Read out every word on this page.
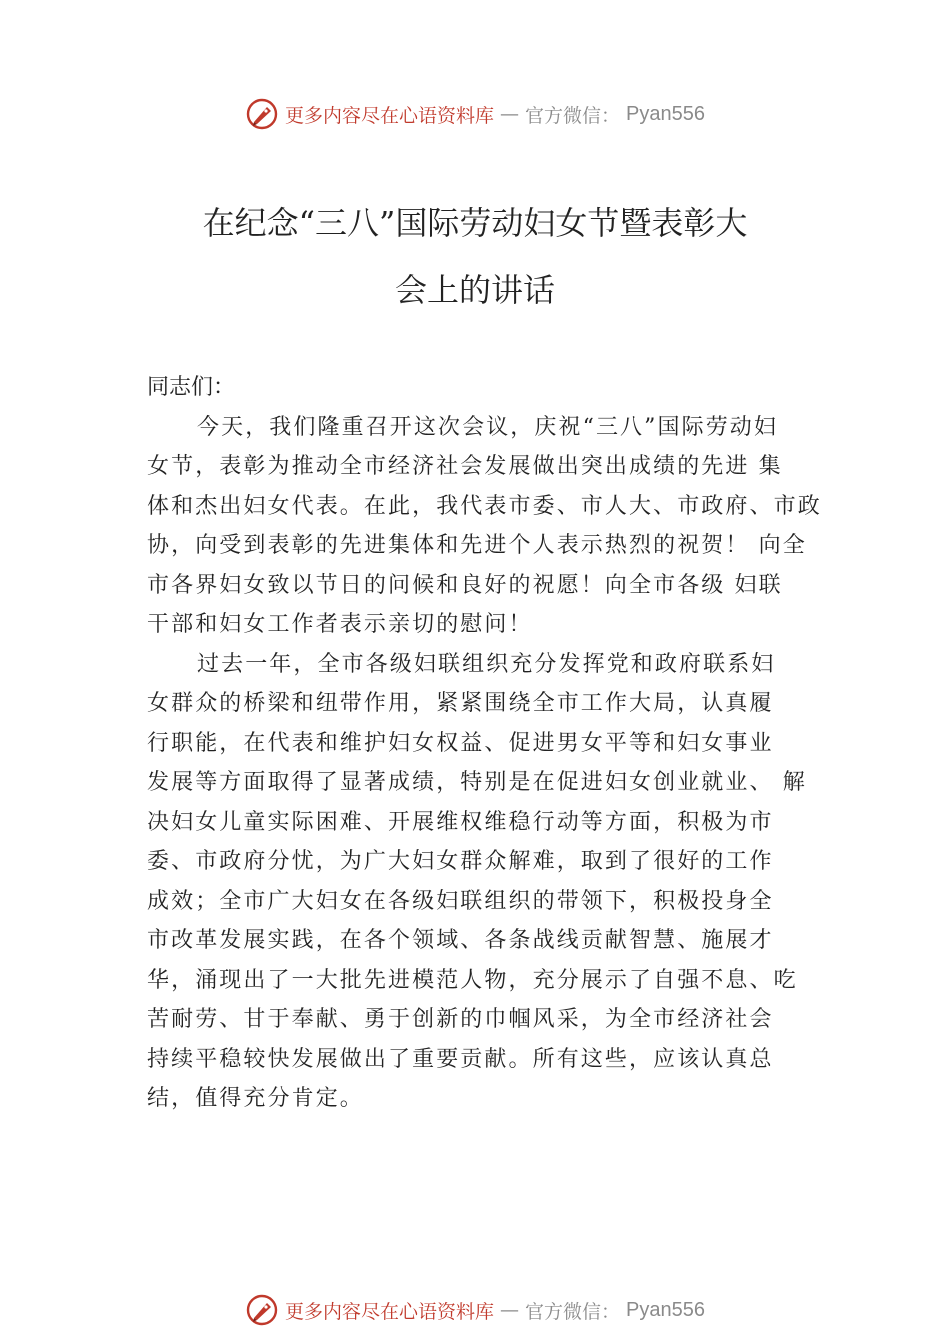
更多内容尽在心语资料库 — 官方微信： Pyan556
在纪念“三八”国际劳动妇女节暨表彰大
会上的讲话
同志们：
今天，我们隆重召开这次会议，庆祝“三八”国际劳动妇
女节，表彰为推动全市经济社会发展做出突出成绩的先进 集
体和杰出妇女代表。在此，我代表市委、市人大、市政府、市政
协，向受到表彰的先进集体和先进个人表示热烈的祝贺！ 向全
市各界妇女致以节日的问候和良好的祝愿！向全市各级 妇联
干部和妇女工作者表示亲切的慰问！
过去一年，全市各级妇联组织充分发挥党和政府联系妇
女群众的桥梁和纽带作用，紧紧围绕全市工作大局，认真履
行职能，在代表和维护妇女权益、促进男女平等和妇女事业
发展等方面取得了显著成绩，特别是在促进妇女创业就业、 解
决妇女儿童实际困难、开展维权维稳行动等方面，积极为市
委、市政府分忧，为广大妇女群众解难，取到了很好的工作
成效；全市广大妇女在各级妇联组织的带领下，积极投身全
市改革发展实践，在各个领域、各条战线贡献智慧、施展才
华，涌现出了一大批先进模范人物，充分展示了自强不息、吃
苦耐劳、甘于奉献、勇于创新的巾帼风采，为全市经济社会
持续平稳较快发展做出了重要贡献。所有这些，应该认真总
结，值得充分肯定。
更多内容尽在心语资料库 — 官方微信： Pyan556
